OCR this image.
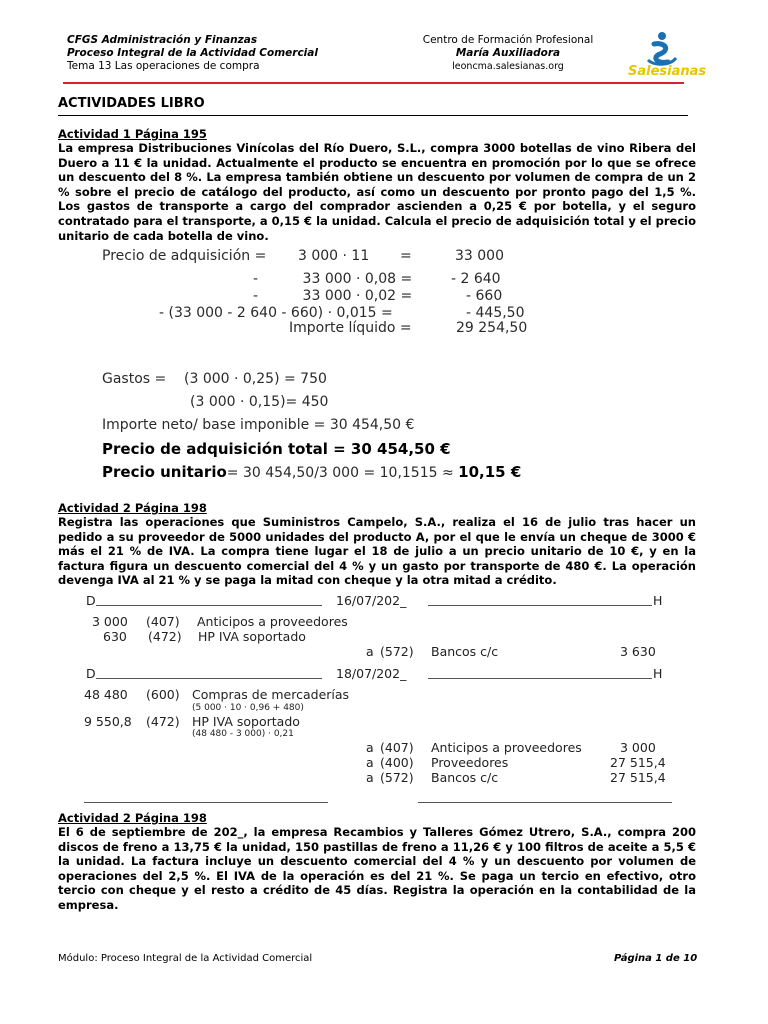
CFGS Administración y Finanzas
Proceso Integral de la Actividad Comercial
Tema 13 Las operaciones de compra
Centro de Formación Profesional
María Auxiliadora
leoncma.salesianas.org	Salesianas
ACTIVIDADES LIBRO
Actividad 1 Página 195
La empresa Distribuciones Vinícolas del Río Duero, S.L., compra 3000 botellas de vino Ribera del Duero a 11 € la unidad. Actualmente el producto se encuentra en promoción por lo que se ofrece un descuento del 8 %. La empresa también obtiene un descuento por volumen de compra de un 2 % sobre el precio de catálogo del producto, así como un descuento por pronto pago del 1,5 %. Los gastos de transporte a cargo del comprador ascienden a 0,25 € por botella, y el seguro contratado para el transporte, a 0,15 € la unidad. Calcula el precio de adquisición total y el precio unitario de cada botella de vino.
Precio de adquisición = 3 000 · 11 =	33 000
-          33 000 · 0,08 =	- 2 640
-          33 000 · 0,02 =	- 660
- (33 000 - 2 640 - 660) · 0,015 =	- 445,50
Importe líquido =	29 254,50
Gastos = (3 000 · 0,25) = 750
(3 000 · 0,15)= 450
Importe neto/ base imponible = 30 454,50 €
Precio de adquisición total = 30 454,50 €
Precio unitario= 30 454,50/3 000 = 10,1515 ≈ 10,15 €
Actividad 2 Página 198
Registra las operaciones que Suministros Campelo, S.A., realiza el 16 de julio tras hacer un pedido a su proveedor de 5000 unidades del producto A, por el que le envía un cheque de 3000 € más el 21 % de IVA. La compra tiene lugar el 18 de julio a un precio unitario de 10 €, y en la factura figura un descuento comercial del 4 % y un gasto por transporte de 480 €. La operación devenga IVA al 21 % y se paga la mitad con cheque y la otra mitad a crédito.
D	16/07/202_	H
3 000 (407) Anticipos a proveedores
630 (472) HP IVA soportado
a (572) Bancos c/c	3 630
D	18/07/202_	H
48 480 (600) Compras de mercaderías
(5 000 · 10 · 0,96 + 480)
9 550,8 (472) HP IVA soportado
(48 480 - 3 000) · 0,21
a (407) Anticipos a proveedores	3 000
a (400) Proveedores	27 515,4
a (572) Bancos c/c	27 515,4
Actividad 2 Página 198
El 6 de septiembre de 202_, la empresa Recambios y Talleres Gómez Utrero, S.A., compra 200 discos de freno a 13,75 € la unidad, 150 pastillas de freno a 11,26 € y 100 filtros de aceite a 5,5 € la unidad. La factura incluye un descuento comercial del 4 % y un descuento por volumen de operaciones del 2,5 %. El IVA de la operación es del 21 %. Se paga un tercio en efectivo, otro tercio con cheque y el resto a crédito de 45 días. Registra la operación en la contabilidad de la empresa.
Módulo: Proceso Integral de la Actividad Comercial	Página 1 de 10
